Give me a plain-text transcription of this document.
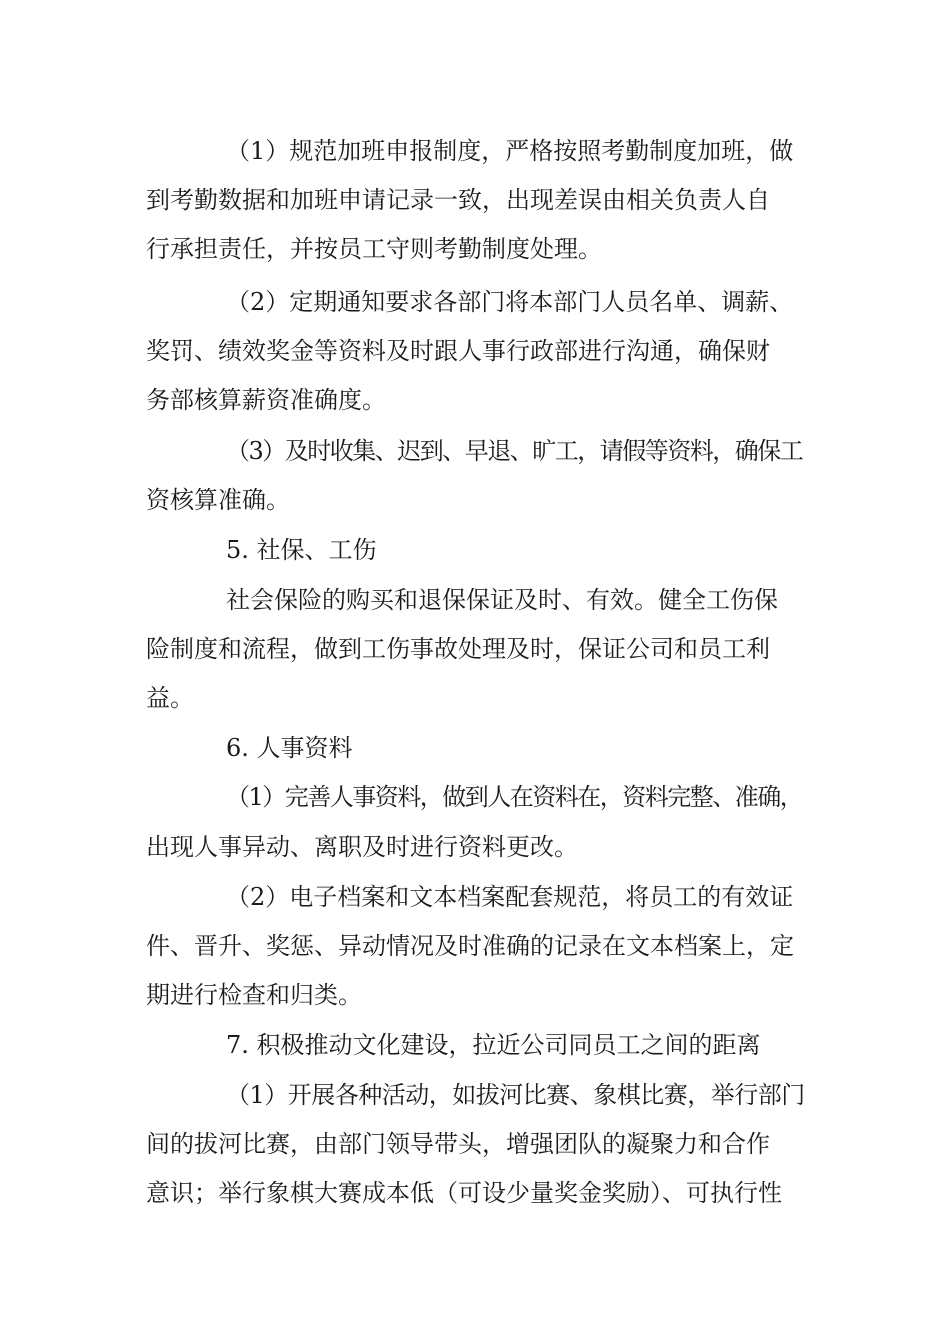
（1）规范加班申报制度，严格按照考勤制度加班，做
到考勤数据和加班申请记录一致，出现差误由相关负责人自
行承担责任，并按员工守则考勤制度处理。
（2）定期通知要求各部门将本部门人员名单、调薪、
奖罚、绩效奖金等资料及时跟人事行政部进行沟通，确保财
务部核算薪资准确度。
（3）及时收集、迟到、早退、旷工，请假等资料，确保工
资核算准确。
5. 社保、工伤
社会保险的购买和退保保证及时、有效。健全工伤保
险制度和流程，做到工伤事故处理及时，保证公司和员工利
益。
6. 人事资料
（1）完善人事资料，做到人在资料在，资料完整、准确，
出现人事异动、离职及时进行资料更改。
（2）电子档案和文本档案配套规范，将员工的有效证
件、晋升、奖惩、异动情况及时准确的记录在文本档案上，定
期进行检查和归类。
7. 积极推动文化建设，拉近公司同员工之间的距离
（1）开展各种活动，如拔河比赛、象棋比赛，举行部门
间的拔河比赛，由部门领导带头，增强团队的凝聚力和合作
意识；举行象棋大赛成本低（可设少量奖金奖励）、可执行性
